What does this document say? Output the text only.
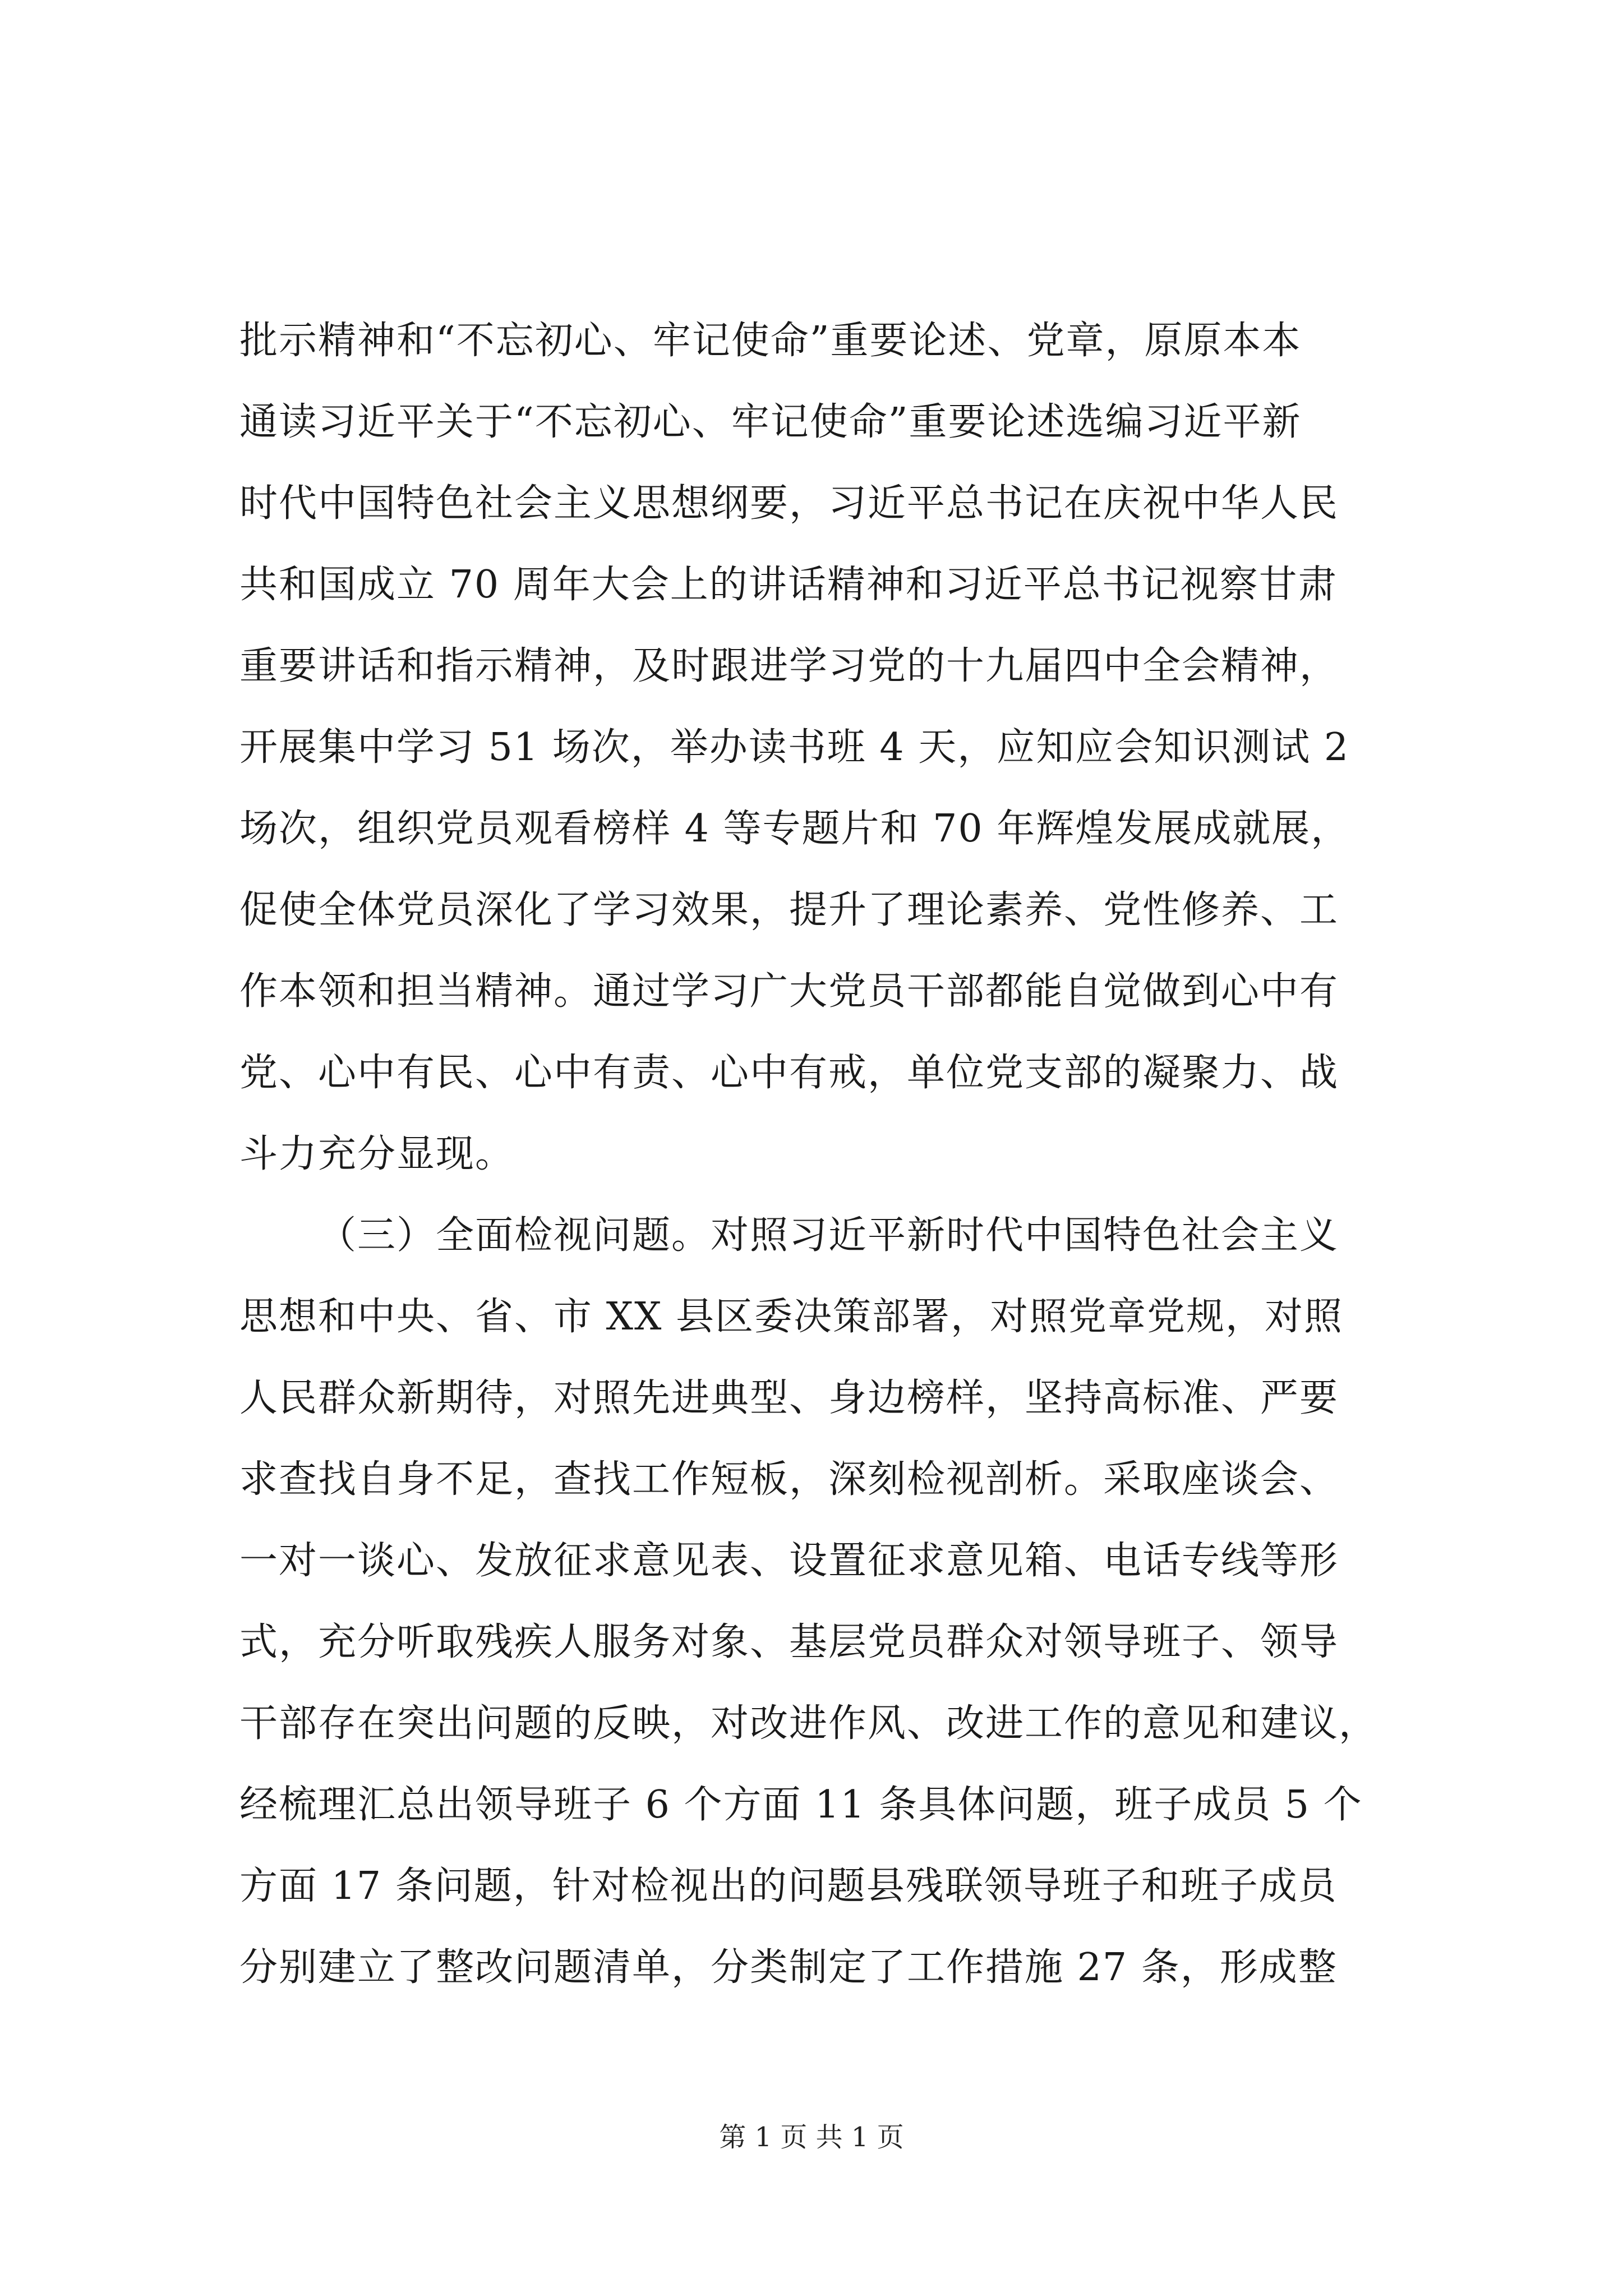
批示精神和“不忘初心、牢记使命”重要论述、党章，原原本本
通读习近平关于“不忘初心、牢记使命”重要论述选编习近平新
时代中国特色社会主义思想纲要，习近平总书记在庆祝中华人民
共和国成立 70 周年大会上的讲话精神和习近平总书记视察甘肃
重要讲话和指示精神，及时跟进学习党的十九届四中全会精神，
开展集中学习 51 场次，举办读书班 4 天，应知应会知识测试 2
场次，组织党员观看榜样 4 等专题片和 70 年辉煌发展成就展，
促使全体党员深化了学习效果，提升了理论素养、党性修养、工
作本领和担当精神。通过学习广大党员干部都能自觉做到心中有
党、心中有民、心中有责、心中有戒，单位党支部的凝聚力、战
斗力充分显现。
（三）全面检视问题。对照习近平新时代中国特色社会主义
思想和中央、省、市 XX 县区委决策部署，对照党章党规，对照
人民群众新期待，对照先进典型、身边榜样，坚持高标准、严要
求查找自身不足，查找工作短板，深刻检视剖析。采取座谈会、
一对一谈心、发放征求意见表、设置征求意见箱、电话专线等形
式，充分听取残疾人服务对象、基层党员群众对领导班子、领导
干部存在突出问题的反映，对改进作风、改进工作的意见和建议，
经梳理汇总出领导班子 6 个方面 11 条具体问题，班子成员 5 个
方面 17 条问题，针对检视出的问题县残联领导班子和班子成员
分别建立了整改问题清单，分类制定了工作措施 27 条，形成整
第 1 页 共 1 页
